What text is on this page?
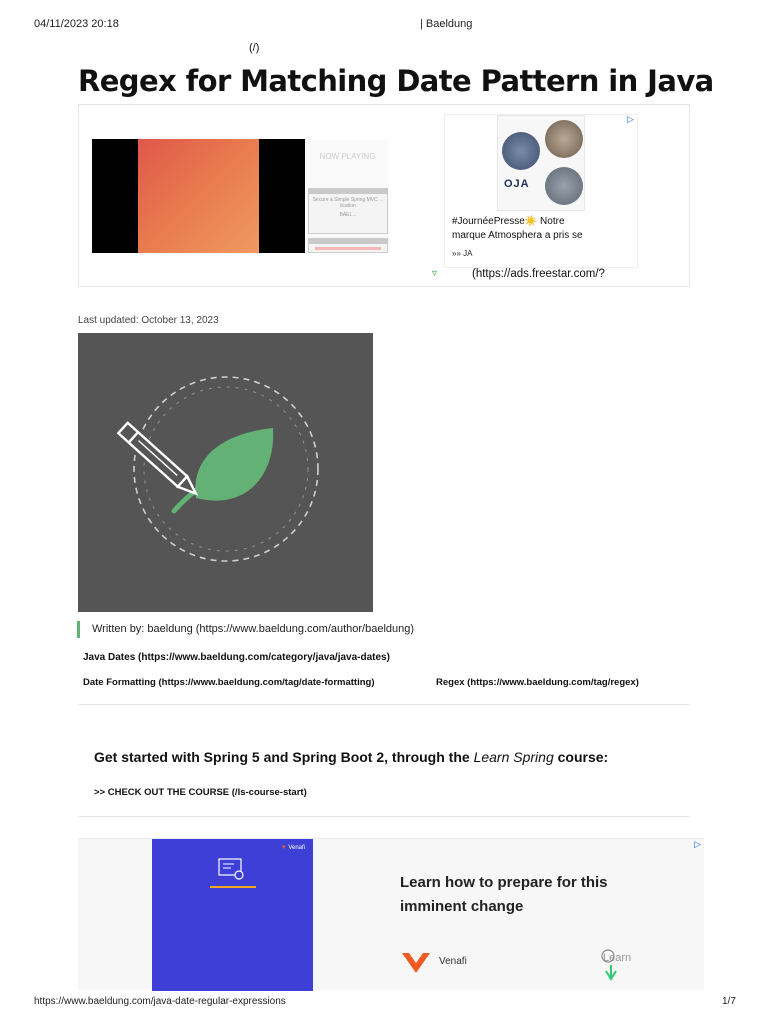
04/11/2023 20:18	| Baeldung
(/)
Regex for Matching Date Pattern in Java
NOW PLAYING
Secure a Simple Spring MVC ... lication
BAEL...
OJA
#JournéePresse☀️ Notre
marque Atmosphera a pris se
»» JA
▷
▿	(https://ads.freestar.com/?
Last updated: October 13, 2023
Written by: baeldung (https://www.baeldung.com/author/baeldung)
Java Dates (https://www.baeldung.com/category/java/java-dates)
Date Formatting (https://www.baeldung.com/tag/date-formatting)	Regex (https://www.baeldung.com/tag/regex)
Get started with Spring 5 and Spring Boot 2, through the Learn Spring course:
>> CHECK OUT THE COURSE (/ls-course-start)
▼ Venafi
Learn how to prepare for this
imminent change
Venafi	Learn
▷
https://www.baeldung.com/java-date-regular-expressions	1/7
